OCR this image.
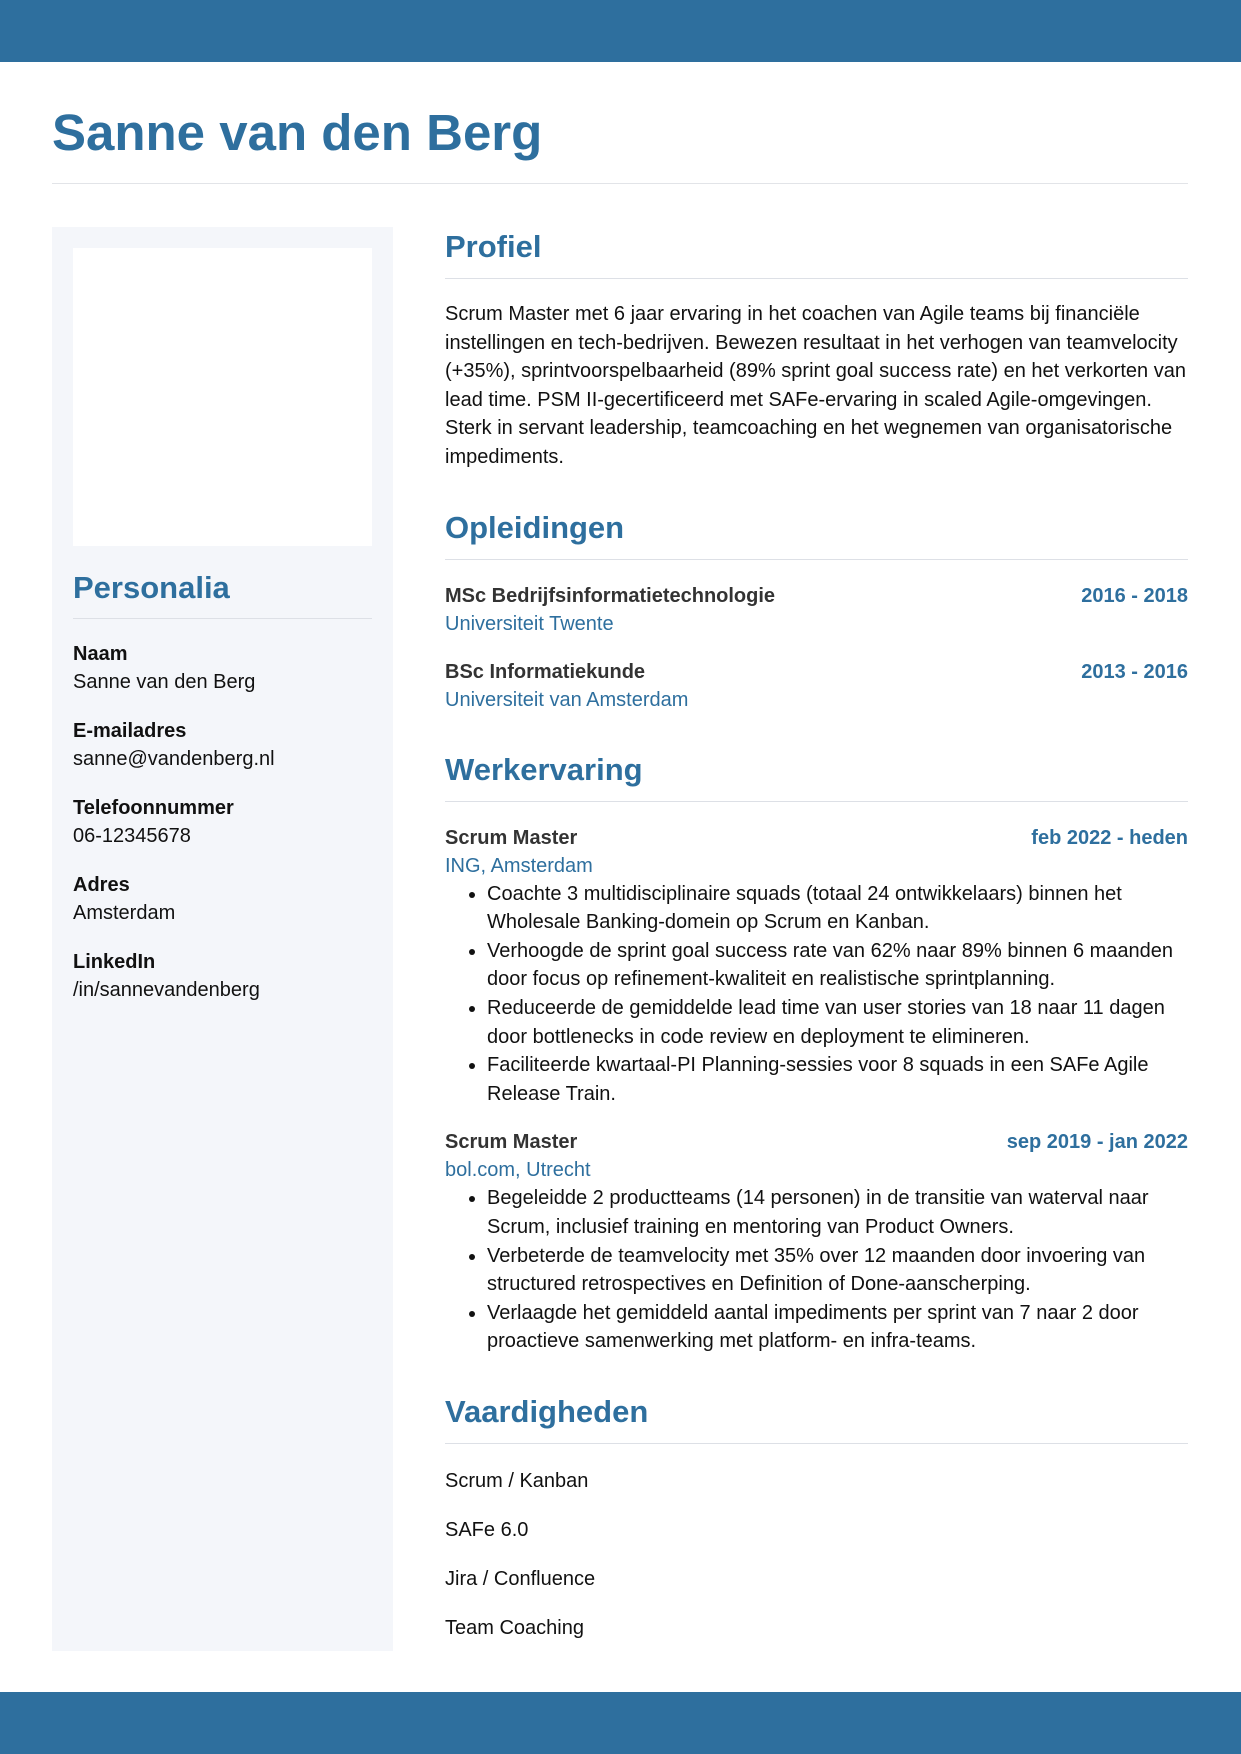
Sanne van den Berg
Personalia
Naam
Sanne van den Berg
E-mailadres
sanne@vandenberg.nl
Telefoonnummer
06-12345678
Adres
Amsterdam
LinkedIn
/in/sannevandenberg
Profiel

Scrum Master met 6 jaar ervaring in het coachen van Agile teams bij financiële instellingen en tech-bedrijven. Bewezen resultaat in het verhogen van teamvelocity (+35%), sprintvoorspelbaarheid (89% sprint goal success rate) en het verkorten van lead time. PSM II-gecertificeerd met SAFe-ervaring in scaled Agile-omgevingen. Sterk in servant leadership, teamcoaching en het wegnemen van organisatorische impediments.

Opleidingen
MSc Bedrijfsinformatietechnologie	2016 - 2018
Universiteit Twente
BSc Informatiekunde	2013 - 2016
Universiteit van Amsterdam
Werkervaring
Scrum Master	feb 2022 - heden
ING, Amsterdam
• Coachte 3 multidisciplinaire squads (totaal 24 ontwikkelaars) binnen het Wholesale Banking-domein op Scrum en Kanban.
• Verhoogde de sprint goal success rate van 62% naar 89% binnen 6 maanden door focus op refinement-kwaliteit en realistische sprintplanning.
• Reduceerde de gemiddelde lead time van user stories van 18 naar 11 dagen door bottlenecks in code review en deployment te elimineren.
• Faciliteerde kwartaal-PI Planning-sessies voor 8 squads in een SAFe Agile Release Train.
Scrum Master	sep 2019 - jan 2022
bol.com, Utrecht
• Begeleidde 2 productteams (14 personen) in de transitie van waterval naar Scrum, inclusief training en mentoring van Product Owners.
• Verbeterde de teamvelocity met 35% over 12 maanden door invoering van structured retrospectives en Definition of Done-aanscherping.
• Verlaagde het gemiddeld aantal impediments per sprint van 7 naar 2 door proactieve samenwerking met platform- en infra-teams.
Vaardigheden
Scrum / Kanban
SAFe 6.0
Jira / Confluence
Team Coaching
